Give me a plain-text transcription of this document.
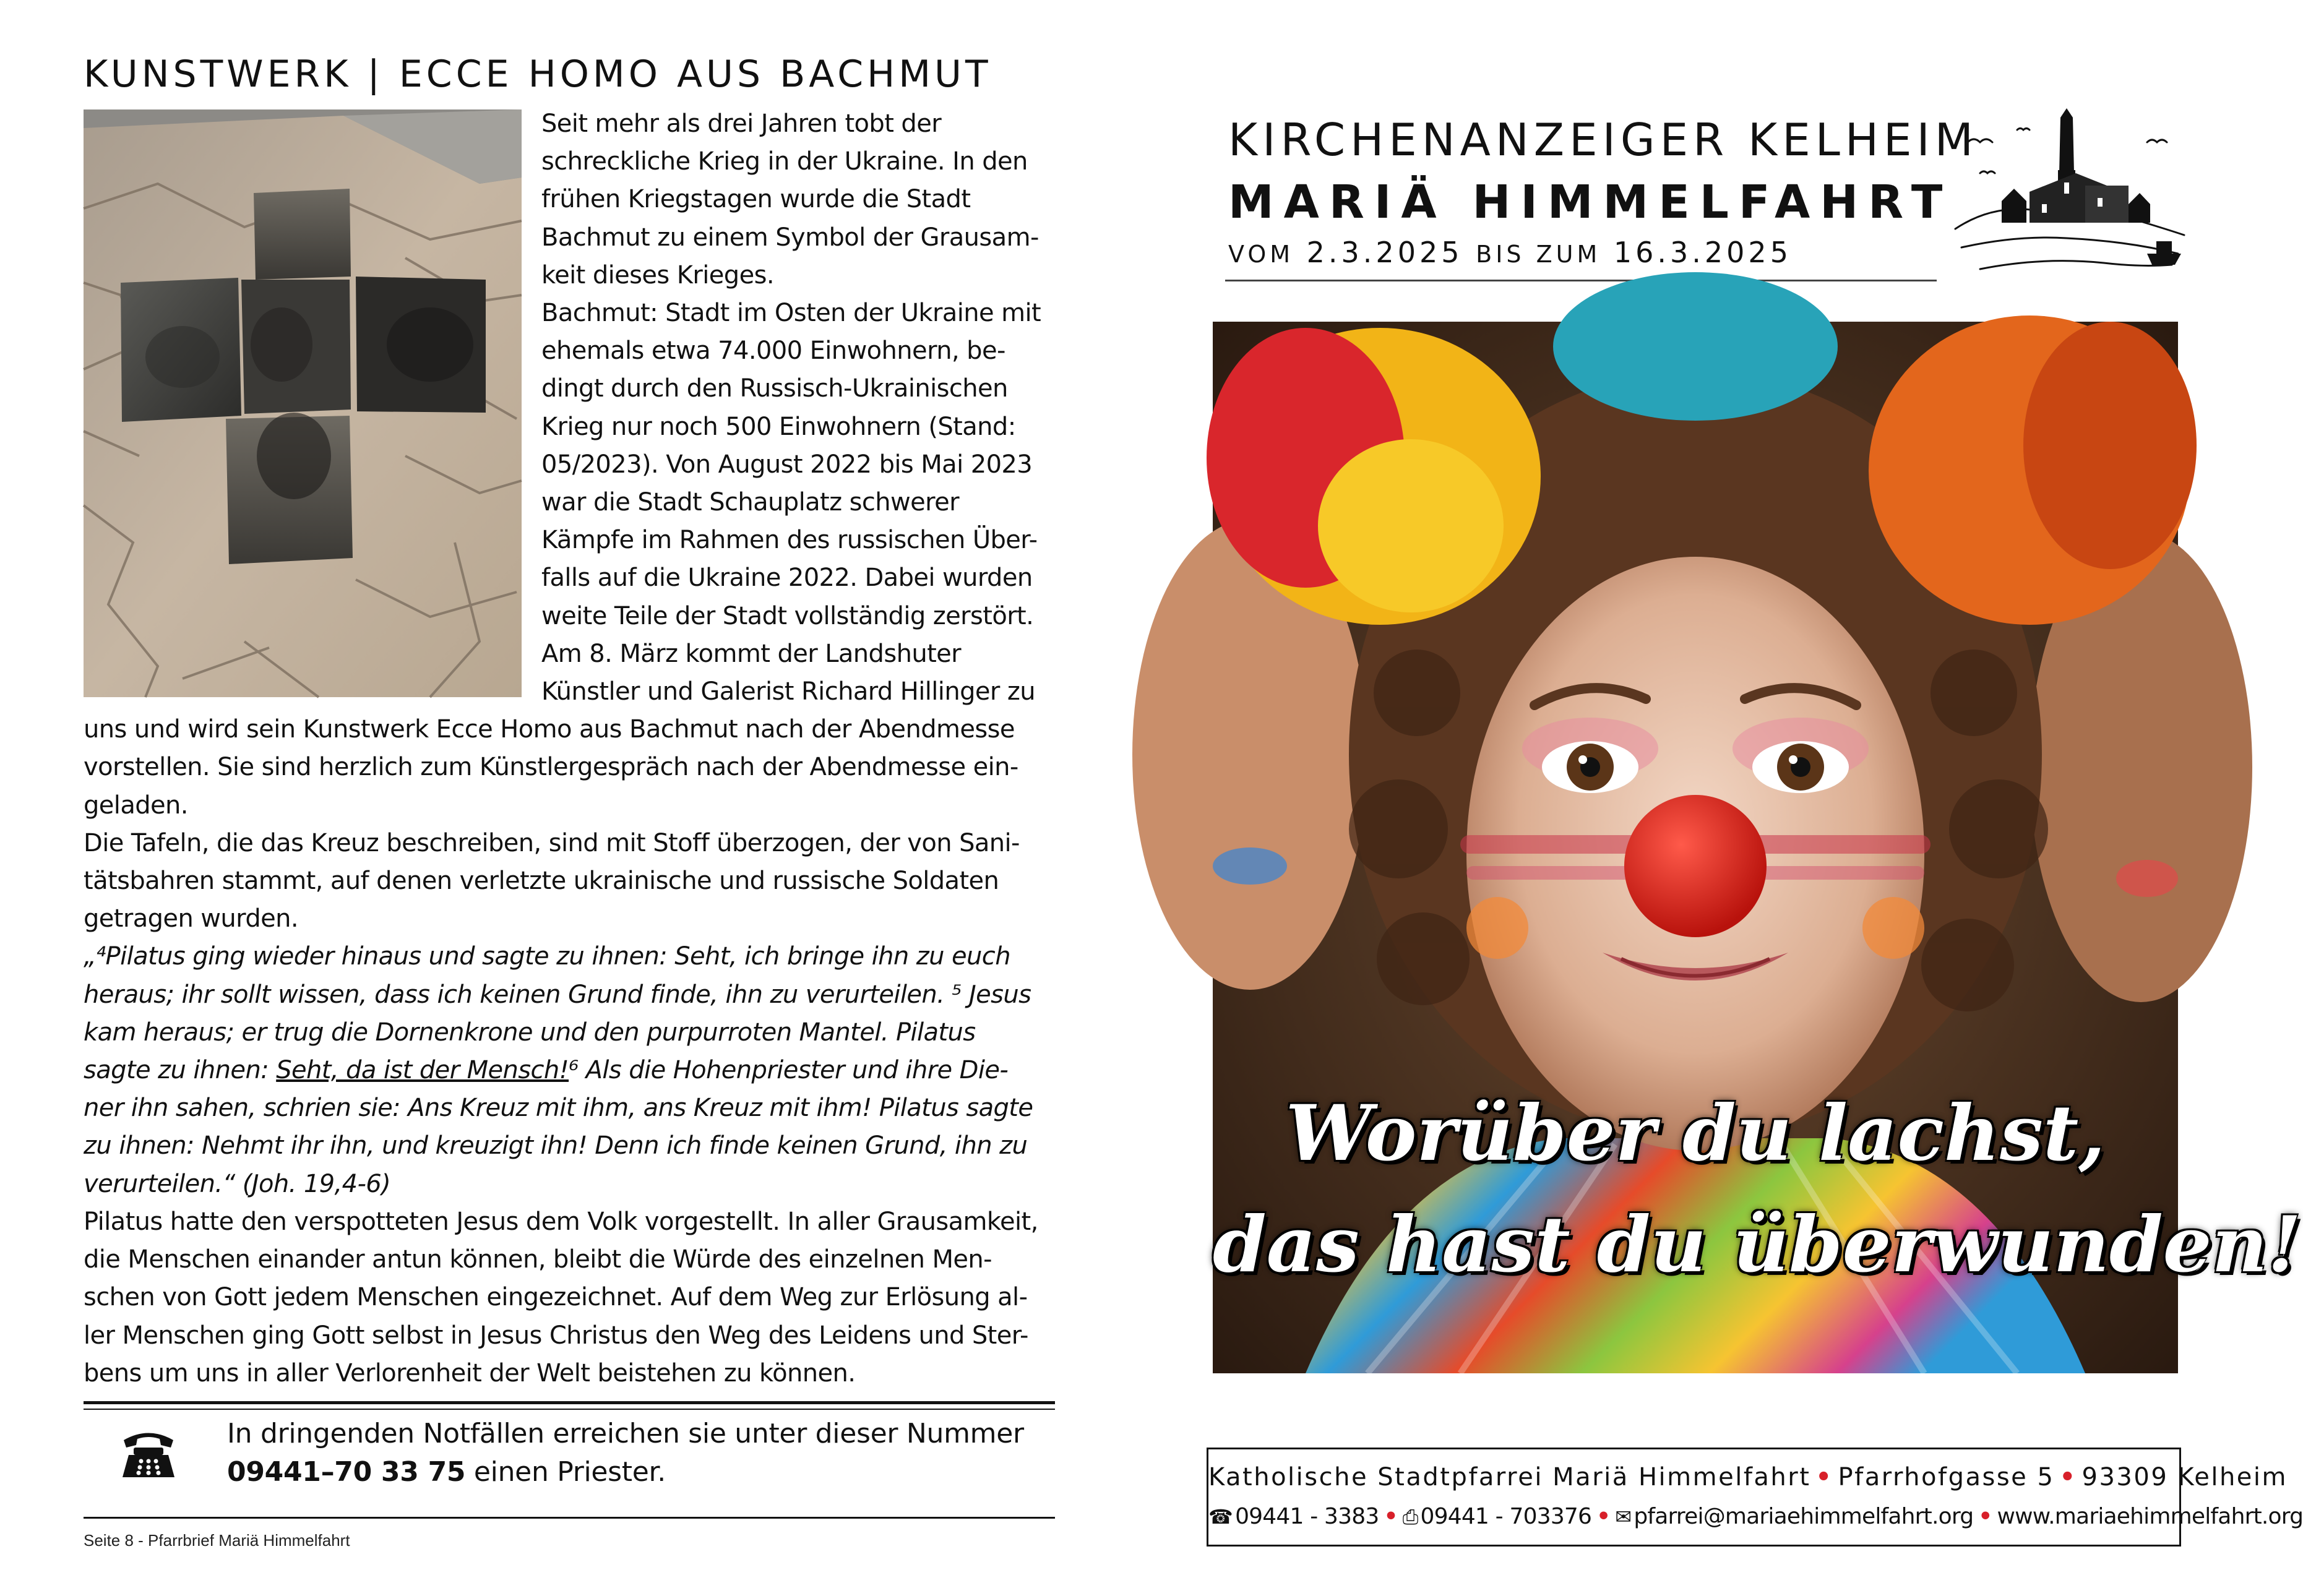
KUNSTWERK | ECCE HOMO AUS BACHMUT
Seit mehr als drei Jahren tobt der
schreckliche Krieg in der Ukraine. In den
frühen Kriegstagen wurde die Stadt
Bachmut zu einem Symbol der Grausam-
keit dieses Krieges.
Bachmut: Stadt im Osten der Ukraine mit
ehemals etwa 74.000 Einwohnern, be-
dingt durch den Russisch-Ukrainischen
Krieg nur noch 500 Einwohnern (Stand:
05/2023). Von August 2022 bis Mai 2023
war die Stadt Schauplatz schwerer
Kämpfe im Rahmen des russischen Über-
falls auf die Ukraine 2022. Dabei wurden
weite Teile der Stadt vollständig zerstört.
Am 8. März kommt der Landshuter
Künstler und Galerist Richard Hillinger zu
uns und wird sein Kunstwerk Ecce Homo aus Bachmut nach der Abendmesse
vorstellen. Sie sind herzlich zum Künstlergespräch nach der Abendmesse ein-
geladen.
Die Tafeln, die das Kreuz beschreiben, sind mit Stoff überzogen, der von Sani-
tätsbahren stammt, auf denen verletzte ukrainische und russische Soldaten
getragen wurden.
„⁴Pilatus ging wieder hinaus und sagte zu ihnen: Seht, ich bringe ihn zu euch
heraus; ihr sollt wissen, dass ich keinen Grund finde, ihn zu verurteilen. ⁵ Jesus
kam heraus; er trug die Dornenkrone und den purpurroten Mantel. Pilatus
sagte zu ihnen: Seht, da ist der Mensch!⁶ Als die Hohenpriester und ihre Die-
ner ihn sahen, schrien sie: Ans Kreuz mit ihm, ans Kreuz mit ihm! Pilatus sagte
zu ihnen: Nehmt ihr ihn, und kreuzigt ihn! Denn ich finde keinen Grund, ihn zu
verurteilen.“ (Joh. 19,4-6)
Pilatus hatte den verspotteten Jesus dem Volk vorgestellt. In aller Grausamkeit,
die Menschen einander antun können, bleibt die Würde des einzelnen Men-
schen von Gott jedem Menschen eingezeichnet. Auf dem Weg zur Erlösung al-
ler Menschen ging Gott selbst in Jesus Christus den Weg des Leidens und Ster-
bens um uns in aller Verlorenheit der Welt beistehen zu können.
In dringenden Notfällen erreichen sie unter dieser Nummer
09441–70 33 75 einen Priester.
Seite 8 - Pfarrbrief Mariä Himmelfahrt
KIRCHENANZEIGER KELHEIM
MARIÄ HIMMELFAHRT
VOM 2.3.2025 BIS ZUM 16.3.2025
Worüber du lachst,
das hast du überwunden!
Katholische Stadtpfarrei Mariä Himmelfahrt • Pfarrhofgasse 5 • 93309 Kelheim
☎ 09441 - 3383 • ⎙ 09441 - 703376 • ✉ pfarrei@mariaehimmelfahrt.org • www.mariaehimmelfahrt.org
